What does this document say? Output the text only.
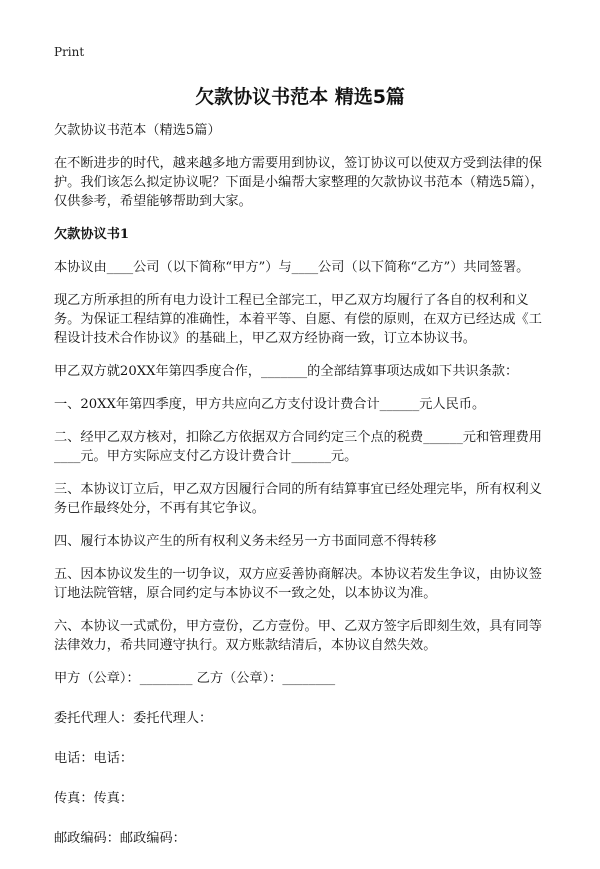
Print
欠款协议书范本 精选5篇

欠款协议书范本（精选5篇）

在不断进步的时代，越来越多地方需要用到协议，签订协议可以使双方受到法律的保护。我们该怎么拟定协议呢？下面是小编帮大家整理的欠款协议书范本（精选5篇），仅供参考，希望能够帮助到大家。

欠款协议书1

本协议由____公司（以下简称“甲方”）与____公司（以下简称“乙方”）共同签署。

现乙方所承担的所有电力设计工程已全部完工，甲乙双方均履行了各自的权利和义务。为保证工程结算的准确性，本着平等、自愿、有偿的原则，在双方已经达成《工程设计技术合作协议》的基础上，甲乙双方经协商一致，订立本协议书。

甲乙双方就20XX年第四季度合作，_______的全部结算事项达成如下共识条款：

一、20XX年第四季度，甲方共应向乙方支付设计费合计______元人民币。

二、经甲乙双方核对，扣除乙方依据双方合同约定三个点的税费______元和管理费用____元。甲方实际应支付乙方设计费合计______元。

三、本协议订立后，甲乙双方因履行合同的所有结算事宜已经处理完毕，所有权利义务已作最终处分，不再有其它争议。

四、履行本协议产生的所有权利义务未经另一方书面同意不得转移

五、因本协议发生的一切争议，双方应妥善协商解决。本协议若发生争议，由协议签订地法院管辖，原合同约定与本协议不一致之处，以本协议为准。

六、本协议一式贰份，甲方壹份，乙方壹份。甲、乙双方签字后即刻生效，具有同等法律效力，希共同遵守执行。双方账款结清后，本协议自然失效。

甲方（公章）：________ 乙方（公章）：________

委托代理人：委托代理人：

电话：电话：

传真：传真：

邮政编码：邮政编码：
